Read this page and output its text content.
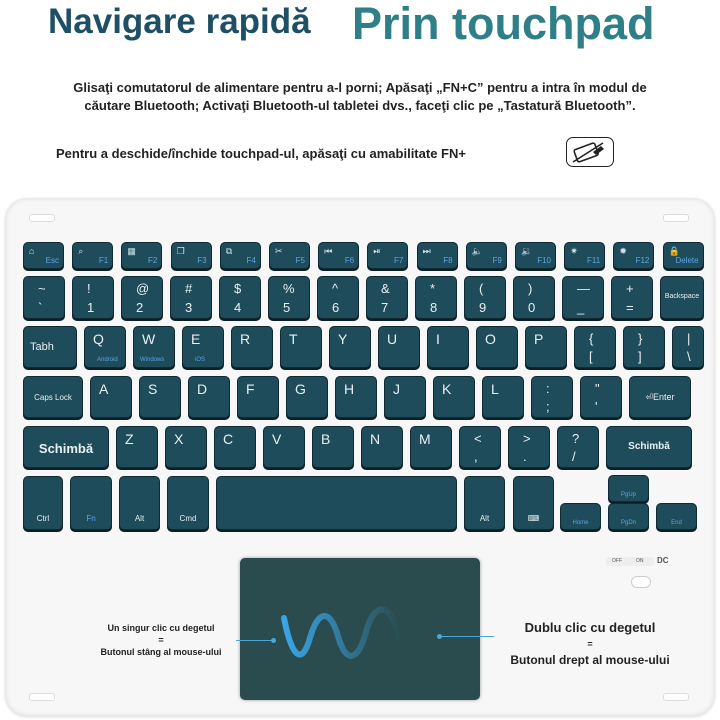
Navigare rapidă Prin touchpad
Glisaţi comutatorul de alimentare pentru a-l porni; Apăsaţi „FN+C” pentru a intra în modul de
căutare Bluetooth; Activaţi Bluetooth-ul tabletei dvs., faceţi clic pe „Tastatură Bluetooth”.
Pentru a deschide/închide touchpad-ul, apăsaţi cu amabilitate FN+
⌂
Esc
⌕
F1
▦
F2
❐
F3
⧉
F4
✂
F5
⏮
F6
⏯
F7
⏭
F8
🔈
F9
🔉
F10
✷
F11
✹
F12
🔒
Delete
~
`
!
1
@
2
#
3
$
4
%
5
^
6
&
7
*
8
(
9
)
0
—
_
+
=
Backspace
Tabh	Q
Android
W
Windows
E
iOS
R	T	Y	U	I	O	P	{
[
}
]
|
\
Caps Lock
A	S	D	F	G	H	J	K	L	:
;
"
'
⏎Enter
Schimbă
Z	X	C	V	B	N	M	<
,
>
.
?
/
Schimbă
Ctrl	Fn	Alt	Cmd	Alt	⌨
PgUp
Home	PgDn	End
OFF	ON DC
Un singur clic cu degetul
=
Butonul stâng al mouse-ului
Dublu clic cu degetul
=
Butonul drept al mouse-ului
